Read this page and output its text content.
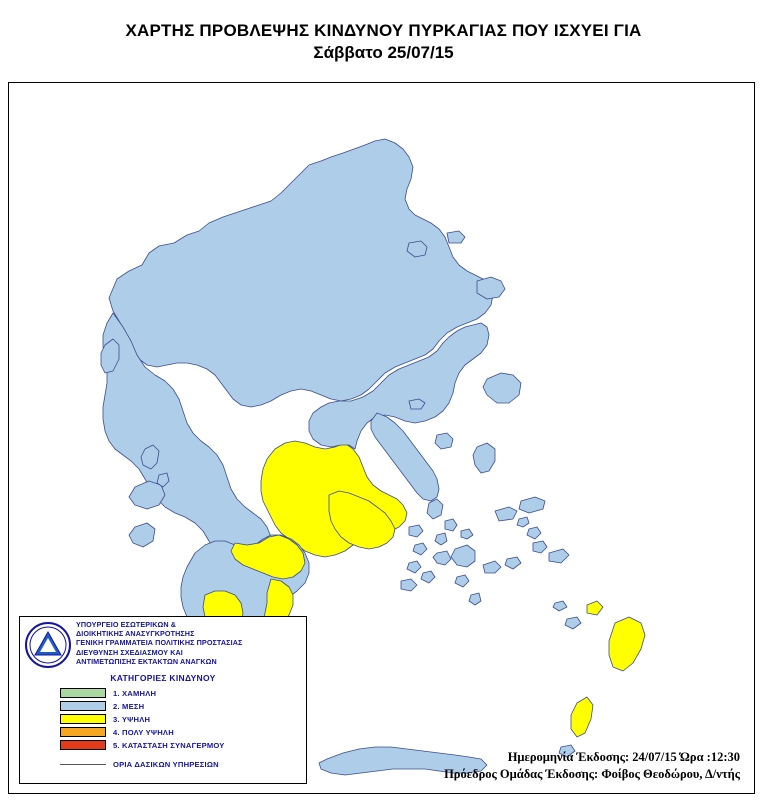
ΧΑΡΤΗΣ ΠΡΟΒΛΕΨΗΣ ΚΙΝΔΥΝΟΥ ΠΥΡΚΑΓΙΑΣ ΠΟΥ ΙΣΧΥΕΙ ΓΙΑ
Σάββατο 25/07/15
ΥΠΟΥΡΓΕΙΟ ΕΣΩΤΕΡΙΚΩΝ &
ΔΙΟΙΚΗΤΙΚΗΣ ΑΝΑΣΥΓΚΡΟΤΗΣΗΣ
ΓΕΝΙΚΗ ΓΡΑΜΜΑΤΕΙΑ ΠΟΛΙΤΙΚΗΣ ΠΡΟΣΤΑΣΙΑΣ
ΔΙΕΥΘΥΝΣΗ ΣΧΕΔΙΑΣΜΟΥ ΚΑΙ
ΑΝΤΙΜΕΤΩΠΙΣΗΣ ΕΚΤΑΚΤΩΝ ΑΝΑΓΚΩΝ
ΚΑΤΗΓΟΡΙΕΣ ΚΙΝΔΥΝΟΥ
1. ΧΑΜΗΛΗ
2. ΜΕΣΗ
3. ΥΨΗΛΗ
4. ΠΟΛΥ ΥΨΗΛΗ
5. ΚΑΤΑΣΤΑΣΗ ΣΥΝΑΓΕΡΜΟΥ
ΟΡΙΑ ΔΑΣΙΚΩΝ ΥΠΗΡΕΣΙΩΝ
Ημερομηνία Έκδοσης: 24/07/15 Ώρα :12:30
Πρόεδρος Ομάδας Έκδοσης: Φοίβος Θεοδώρου, Δ/ντής
